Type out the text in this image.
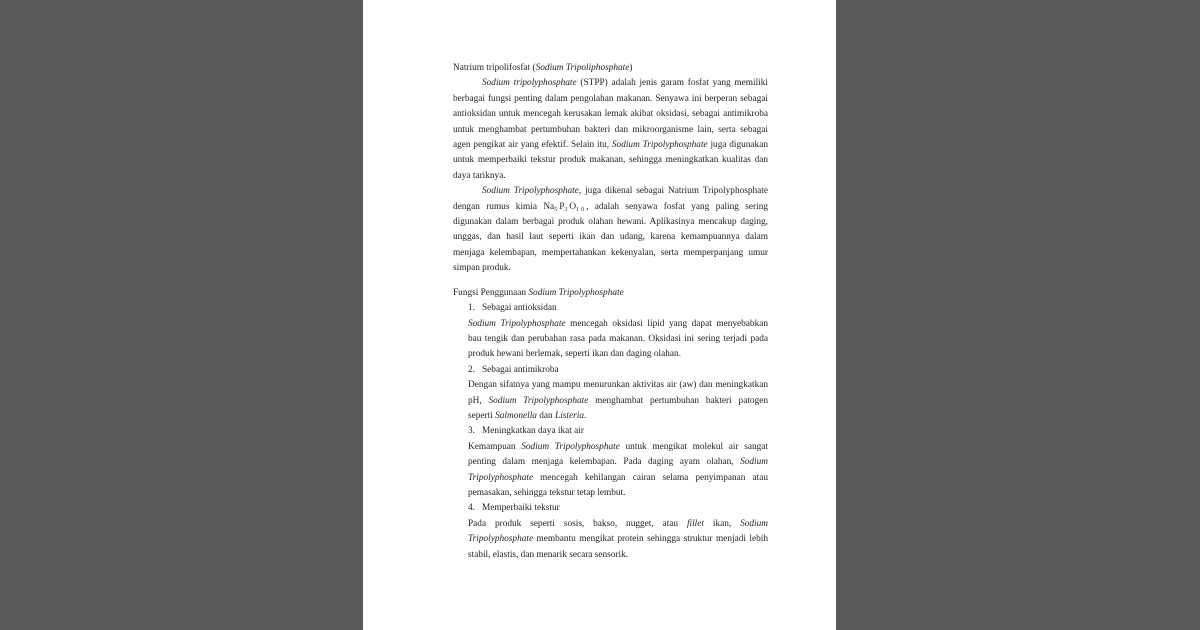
Natrium tripolifosfat (Sodium Tripoliphosphate)

Sodium tripolyphosphate (STPP) adalah jenis garam fosfat yang memiliki berbagai fungsi penting dalam pengolahan makanan. Senyawa ini berperan sebagai antioksidan untuk mencegah kerusakan lemak akibat oksidasi, sebagai antimikroba untuk menghambat pertumbuhan bakteri dan mikroorganisme lain, serta sebagai agen pengikat air yang efektif. Selain itu, Sodium Tripolyphosphate juga digunakan untuk memperbaiki tekstur produk makanan, sehingga meningkatkan kualitas dan daya tariknya.

Sodium Tripolyphosphate, juga dikenal sebagai Natrium Tripolyphosphate dengan rumus kimia $Na_5P_3O_{10}$, adalah senyawa fosfat yang paling sering digunakan dalam berbagai produk olahan hewani. Aplikasinya mencakup daging, unggas, dan hasil laut seperti ikan dan udang, karena kemampuannya dalam menjaga kelembapan, mempertahankan kekenyalan, serta memperpanjang umur simpan produk.

Fungsi Penggunaan Sodium Tripolyphosphate

1. Sebagai antioksidan

Sodium Tripolyphosphate mencegah oksidasi lipid yang dapat menyebabkan bau tengik dan perubahan rasa pada makanan. Oksidasi ini sering terjadi pada produk hewani berlemak, seperti ikan dan daging olahan.

2. Sebagai antimikroba

Dengan sifatnya yang mampu menurunkan aktivitas air (aw) dan meningkatkan pH, Sodium Tripolyphosphate menghambat pertumbuhan bakteri patogen seperti Salmonella dan Listeria.

3. Meningkatkan daya ikat air

Kemampuan Sodium Tripolyphosphate untuk mengikat molekul air sangat penting dalam menjaga kelembapan. Pada daging ayam olahan, Sodium Tripolyphosphate mencegah kehilangan cairan selama penyimpanan atau pemasakan, sehingga tekstur tetap lembut.

4. Memperbaiki tekstur

Pada produk seperti sosis, bakso, nugget, atau fillet ikan, Sodium Tripolyphosphate membantu mengikat protein sehingga struktur menjadi lebih stabil, elastis, dan menarik secara sensorik.
